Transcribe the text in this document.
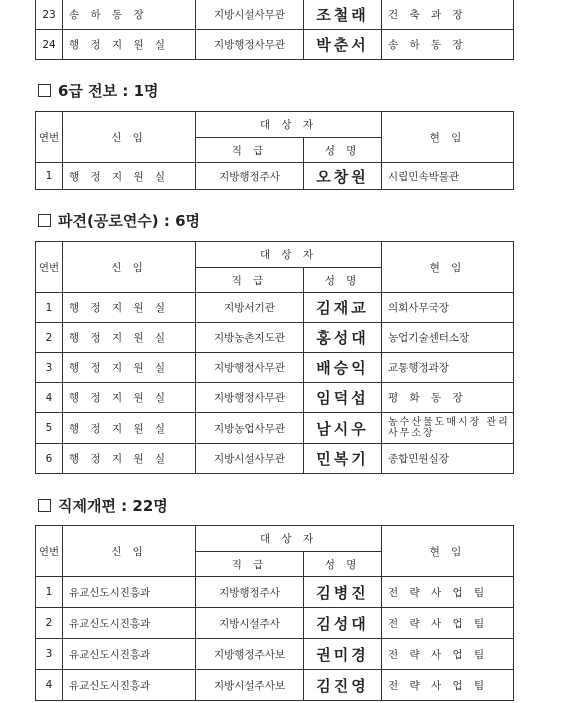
23	송 하 동 장	지방시설사무관	조철래	건 축 과 장
24	행 정 지 원 실	지방행정사무관	박춘서	송 하 동 장
6급 전보 : 1명
연번	신 임	대 상 자		현 임
		직 급	성 명	
1	행 정 지 원 실	지방행정주사	오창원	시립민속박물관
파견(공로연수) : 6명
연번	신 임	대 상 자		현 임
		직 급	성 명	
1	행 정 지 원 실	지방서기관	김재교	의회사무국장
2	행 정 지 원 실	지방농촌지도관	홍성대	농업기술센터소장
3	행 정 지 원 실	지방행정사무관	배승익	교통행정과장
4	행 정 지 원 실	지방행정사무관	임덕섭	평 화 동 장
5	행 정 지 원 실	지방농업사무관	남시우	농수산물도매시장 관리사무소장
6	행 정 지 원 실	지방시설사무관	민복기	종합민원실장
직제개편 : 22명
연번	신 임	대 상 자		현 임
		직 급	성 명	
1	유교신도시진흥과	지방행정주사	김병진	전 략 사 업 팀
2	유교신도시진흥과	지방시설주사	김성대	전 략 사 업 팀
3	유교신도시진흥과	지방행정주사보	권미경	전 략 사 업 팀
4	유교신도시진흥과	지방시설주사보	김진영	전 략 사 업 팀
